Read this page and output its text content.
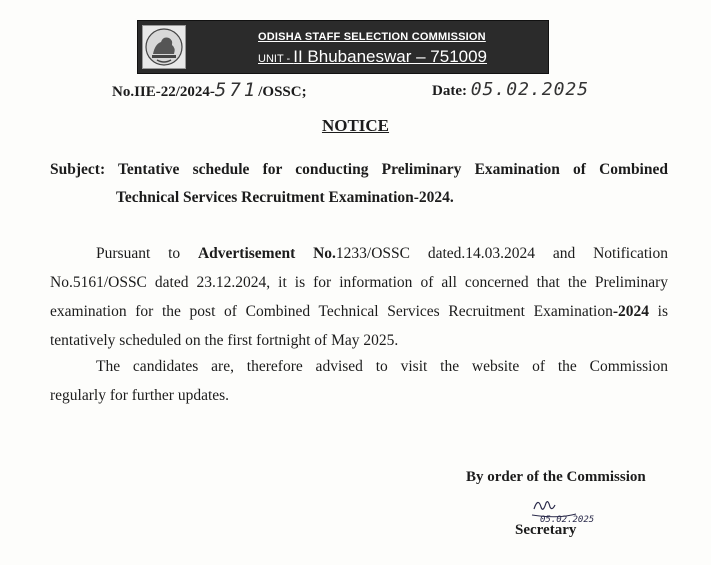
ODISHA STAFF SELECTION COMMISSION
UNIT - II Bhubaneswar – 751009
No.IIE-22/2024-571/OSSC;	Date: 05.02.2025
NOTICE
Subject: Tentative schedule for conducting Preliminary Examination of Combined
Technical Services Recruitment Examination-2024.
Pursuant to Advertisement No.1233/OSSC dated.14.03.2024 and Notification
No.5161/OSSC dated 23.12.2024, it is for information of all concerned that the Preliminary
examination for the post of Combined Technical Services Recruitment Examination-2024 is
tentatively scheduled on the first fortnight of May 2025.
The candidates are, therefore advised to visit the website of the Commission
regularly for further updates.
By order of the Commission
05.02.2025
Secretary
